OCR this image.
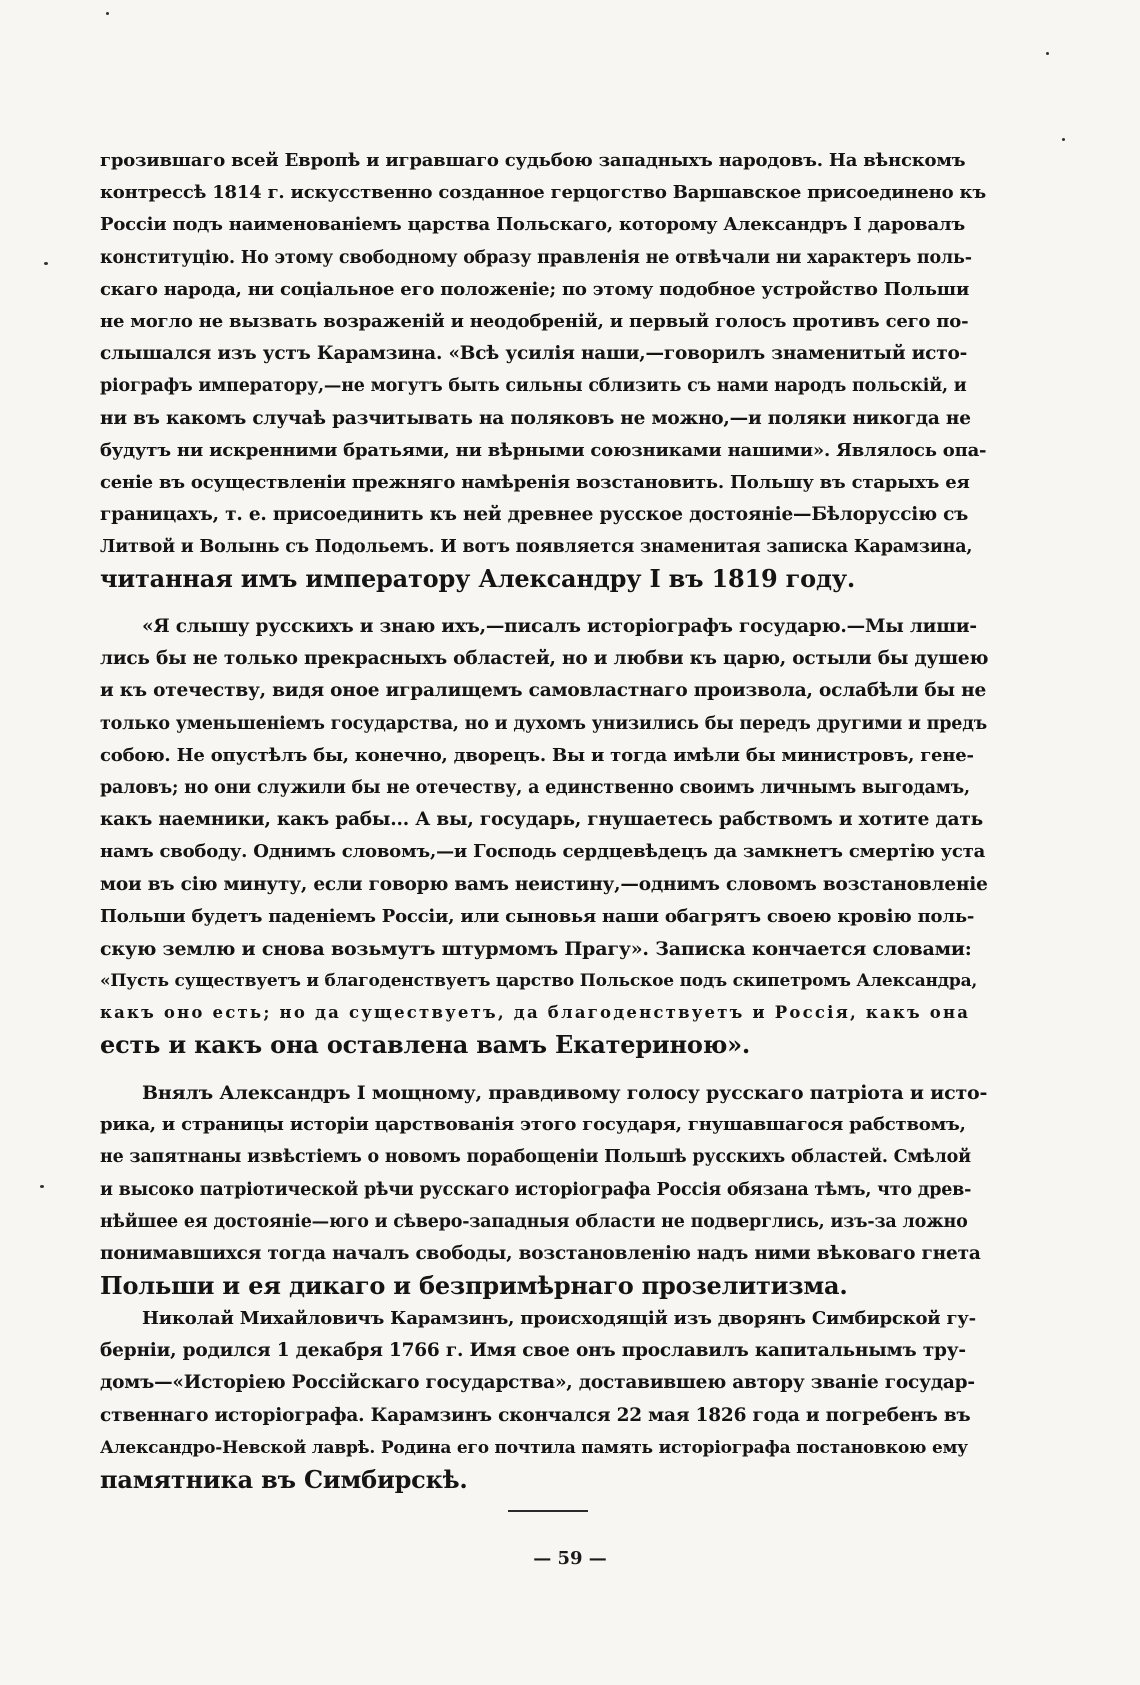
грозившаго всей Европѣ и игравшаго судьбою западныхъ народовъ. На вѣнскомъ
контрессѣ 1814 г. искусственно созданное герцогство Варшавское присоединено къ
Россіи подъ наименованіемъ царства Польскаго, которому Александръ I даровалъ
конституцію. Но этому свободному образу правленія не отвѣчали ни характеръ поль-
скаго народа, ни соціальное его положеніе; по этому подобное устройство Польши
не могло не вызвать возраженій и неодобреній, и первый голосъ противъ сего по-
слышался изъ устъ Карамзина. «Всѣ усилія наши,—говорилъ знаменитый исто-
ріографъ императору,—не могутъ быть сильны сблизить съ нами народъ польскій, и
ни въ какомъ случаѣ разчитывать на поляковъ не можно,—и поляки никогда не
будутъ ни искренними братьями, ни вѣрными союзниками нашими». Являлось опа-
сеніе въ осуществленіи прежняго намѣренія возстановить. Польшу въ старыхъ ея
границахъ, т. е. присоединить къ ней древнее русское достояніе—Бѣлоруссію съ
Литвой и Волынь съ Подольемъ. И вотъ появляется знаменитая записка Карамзина,
читанная имъ императору Александру I въ 1819 году.
«Я слышу русскихъ и знаю ихъ,—писалъ исторіографъ государю.—Мы лиши-
лись бы не только прекрасныхъ областей, но и любви къ царю, остыли бы душею
и къ отечеству, видя оное игралищемъ самовластнаго произвола, ослабѣли бы не
только уменьшеніемъ государства, но и духомъ унизились бы передъ другими и предъ
собою. Не опустѣлъ бы, конечно, дворецъ. Вы и тогда имѣли бы министровъ, гене-
раловъ; но они служили бы не отечеству, а единственно своимъ личнымъ выгодамъ,
какъ наемники, какъ рабы... А вы, государь, гнушаетесь рабствомъ и хотите дать
намъ свободу. Однимъ словомъ,—и Господь сердцевѣдецъ да замкнетъ смертію уста
мои въ сію минуту, если говорю вамъ неистину,—однимъ словомъ возстановленіе
Польши будетъ паденіемъ Россіи, или сыновья наши обагрятъ своею кровію поль-
скую землю и снова возьмутъ штурмомъ Прагу». Записка кончается словами:
«Пусть существуетъ и благоденствуетъ царство Польское подъ скипетромъ Александра,
какъ оно есть; но да существуетъ, да благоденствуетъ и Россія, какъ она
есть и какъ она оставлена вамъ Екатериною».
Внялъ Александръ I мощному, правдивому голосу русскаго патріота и исто-
рика, и страницы исторіи царствованія этого государя, гнушавшагося рабствомъ,
не запятнаны извѣстіемъ о новомъ порабощеніи Польшѣ русскихъ областей. Смѣлой
и высоко патріотической рѣчи русскаго исторіографа Россія обязана тѣмъ, что древ-
нѣйшее ея достояніе—юго и сѣверо-западныя области не подверглись, изъ-за ложно
понимавшихся тогда началъ свободы, возстановленію надъ ними вѣковаго гнета
Польши и ея дикаго и безпримѣрнаго прозелитизма.
Николай Михайловичъ Карамзинъ, происходящій изъ дворянъ Симбирской гу-
берніи, родился 1 декабря 1766 г. Имя свое онъ прославилъ капитальнымъ тру-
домъ—«Исторіею Россійскаго государства», доставившею автору званіе государ-
ственнаго исторіографа. Карамзинъ скончался 22 мая 1826 года и погребенъ въ
Александро-Невской лаврѣ. Родина его почтила память исторіографа постановкою ему
памятника въ Симбирскѣ.
— 59 —
